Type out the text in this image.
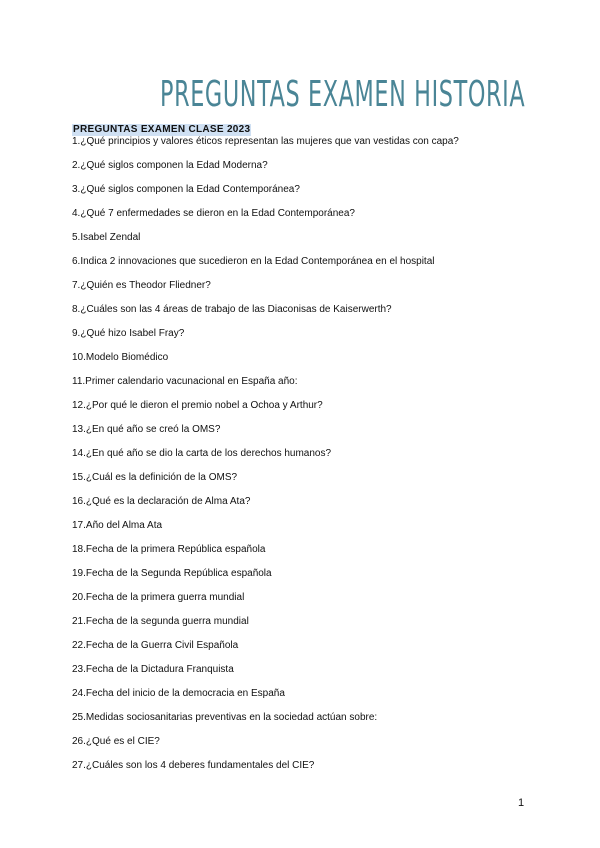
PREGUNTAS EXAMEN HISTORIA
PREGUNTAS EXAMEN CLASE 2023
1.¿Qué principios y valores éticos representan las mujeres que van vestidas con capa?
2.¿Qué siglos componen la Edad Moderna?
3.¿Qué siglos componen la Edad Contemporánea?
4.¿Qué 7 enfermedades se dieron en la Edad Contemporánea?
5.Isabel Zendal
6.Indica 2 innovaciones que sucedieron en la Edad Contemporánea en el hospital
7.¿Quién es Theodor Fliedner?
8.¿Cuáles son las 4 áreas de trabajo de las Diaconisas de Kaiserwerth?
9.¿Qué hizo Isabel Fray?
10.Modelo Biomédico
11.Primer calendario vacunacional en España año:
12.¿Por qué le dieron el premio nobel a Ochoa y Arthur?
13.¿En qué año se creó la OMS?
14.¿En qué año se dio la carta de los derechos humanos?
15.¿Cuál es la definición de la OMS?
16.¿Qué es la declaración de Alma Ata?
17.Año del Alma Ata
18.Fecha de la primera República española
19.Fecha de la Segunda República española
20.Fecha de la primera guerra mundial
21.Fecha de la segunda guerra mundial
22.Fecha de la Guerra Civil Española
23.Fecha de la Dictadura Franquista
24.Fecha del inicio de la democracia en España
25.Medidas sociosanitarias preventivas en la sociedad actúan sobre:
26.¿Qué es el CIE?
27.¿Cuáles son los 4 deberes fundamentales del CIE?
1
